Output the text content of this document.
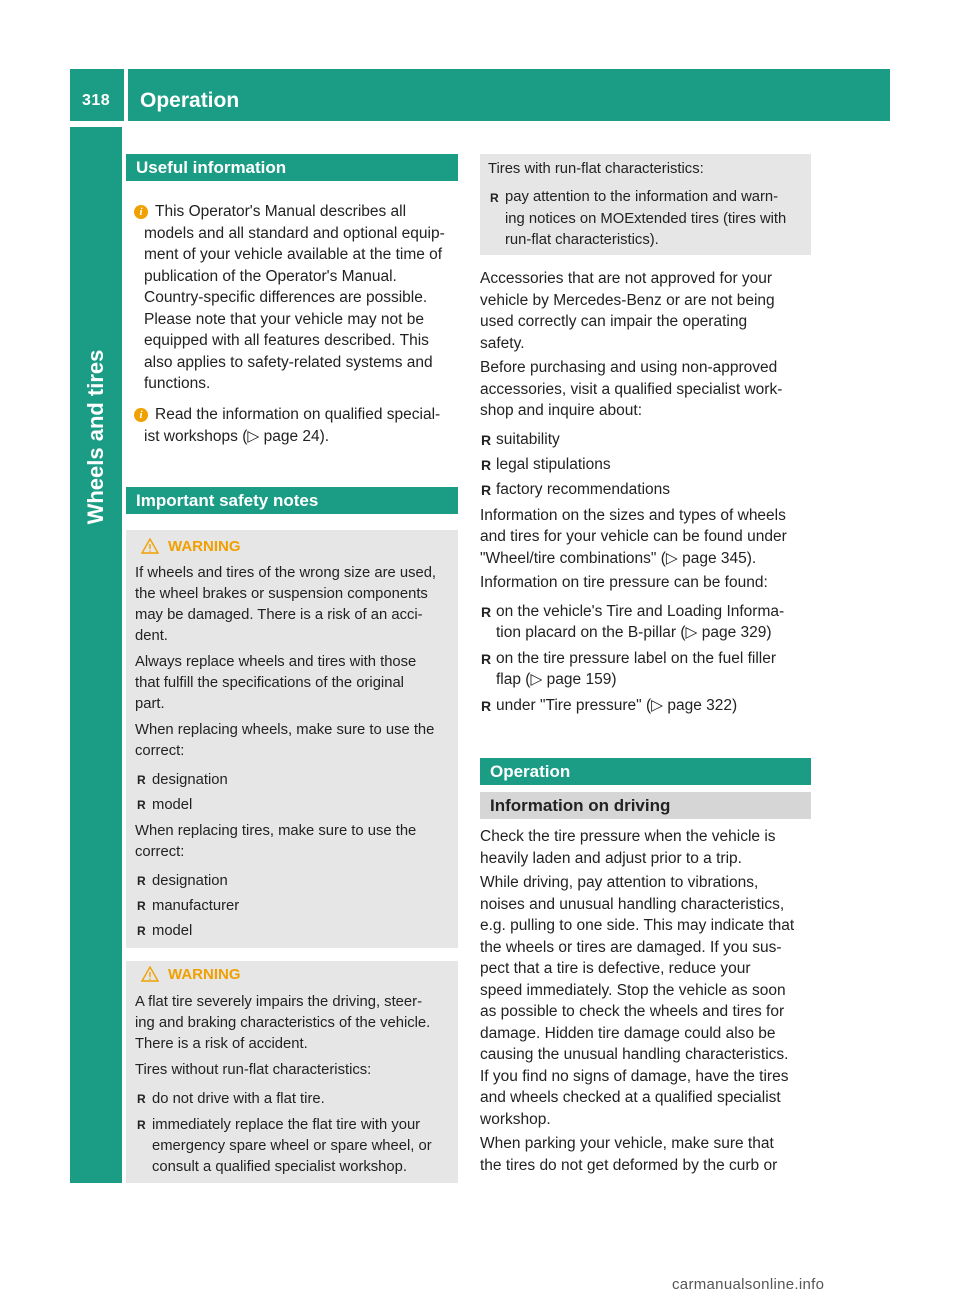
318 Operation
Wheels and tires
Useful information
i This Operator's Manual describes all
models and all standard and optional equip-
ment of your vehicle available at the time of
publication of the Operator's Manual.
Country-specific differences are possible.
Please note that your vehicle may not be
equipped with all features described. This
also applies to safety-related systems and
functions.
i Read the information on qualified special-
ist workshops (▷ page 24).
Important safety notes
WARNING
If wheels and tires of the wrong size are used,
the wheel brakes or suspension components
may be damaged. There is a risk of an acci-
dent.
Always replace wheels and tires with those
that fulfill the specifications of the original
part.
When replacing wheels, make sure to use the
correct:
R designation
R model
When replacing tires, make sure to use the
correct:
R designation
R manufacturer
R model
WARNING
A flat tire severely impairs the driving, steer-
ing and braking characteristics of the vehicle.
There is a risk of accident.
Tires without run-flat characteristics:
R do not drive with a flat tire.
R immediately replace the flat tire with your
emergency spare wheel or spare wheel, or
consult a qualified specialist workshop.
Tires with run-flat characteristics:
R pay attention to the information and warn-
ing notices on MOExtended tires (tires with
run-flat characteristics).
Accessories that are not approved for your
vehicle by Mercedes-Benz or are not being
used correctly can impair the operating
safety.
Before purchasing and using non-approved
accessories, visit a qualified specialist work-
shop and inquire about:
R suitability
R legal stipulations
R factory recommendations
Information on the sizes and types of wheels
and tires for your vehicle can be found under
"Wheel/tire combinations" (▷ page 345).
Information on tire pressure can be found:
R on the vehicle's Tire and Loading Informa-
tion placard on the B-pillar (▷ page 329)
R on the tire pressure label on the fuel filler
flap (▷ page 159)
R under "Tire pressure" (▷ page 322)
Operation
Information on driving
Check the tire pressure when the vehicle is
heavily laden and adjust prior to a trip.
While driving, pay attention to vibrations,
noises and unusual handling characteristics,
e.g. pulling to one side. This may indicate that
the wheels or tires are damaged. If you sus-
pect that a tire is defective, reduce your
speed immediately. Stop the vehicle as soon
as possible to check the wheels and tires for
damage. Hidden tire damage could also be
causing the unusual handling characteristics.
If you find no signs of damage, have the tires
and wheels checked at a qualified specialist
workshop.
When parking your vehicle, make sure that
the tires do not get deformed by the curb or
carmanualsonline.info
